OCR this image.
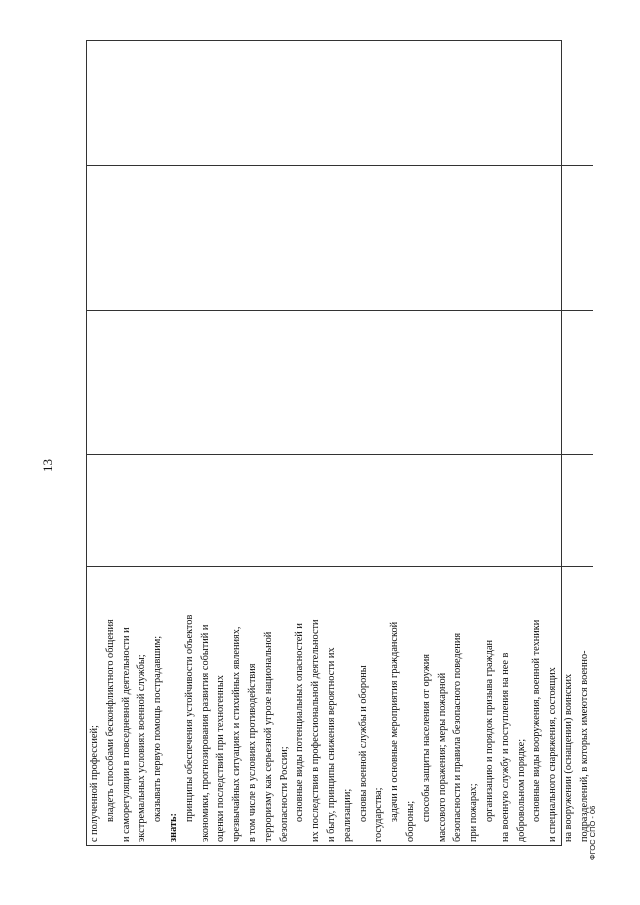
13
с полученной профессией; владеть способами бесконфликтного общения и саморегуляции в повседневной деятельности и экстремальных условиях военной службы; оказывать первую помощь пострадавшим;
знать:
принципы обеспечения устойчивости объектов экономики, прогнозирования развития событий и оценки последствий при техногенных чрезвычайных ситуациях и стихийных явлениях, в том числе в условиях противодействия терроризму как серьезной угрозе национальной безопасности России; основные виды потенциальных опасностей и их последствия в профессиональной деятельности и быту, принципы снижения вероятности их реализации; основы военной службы и обороны государства; задачи и основные мероприятия гражданской обороны; способы защиты населения от оружия массового поражения; меры пожарной безопасности и правила безопасного поведения при пожарах; организацию и порядок призыва граждан на военную службу и поступления на нее в добровольном порядке; основные виды вооружения, военной техники и специального снаряжения, состоящих на вооружении (оснащении) воинских подразделений, в которых имеются военно-
ФГОС СПО - 06
